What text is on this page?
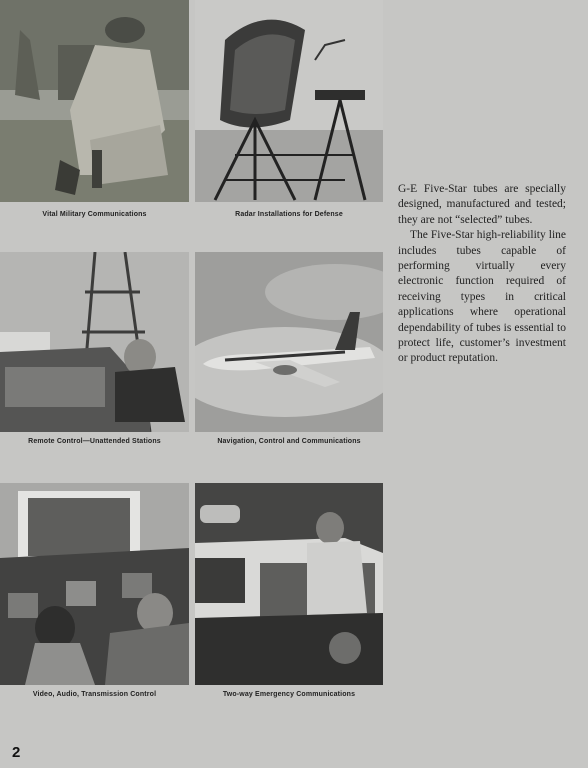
Vital Military Communications	Radar Installations for Defense
Remote Control—Unattended Stations	Navigation, Control and Communications
Video, Audio, Transmission Control	Two-way Emergency Communications

G-E Five-Star tubes are specially designed, manufactured and tested; they are not “selected” tubes.

The Five-Star high-reliability line includes tubes capable of performing virtually every electronic function required of receiving types in critical applications where operational dependability of tubes is essential to protect life, customer’s investment or product reputation.

2
